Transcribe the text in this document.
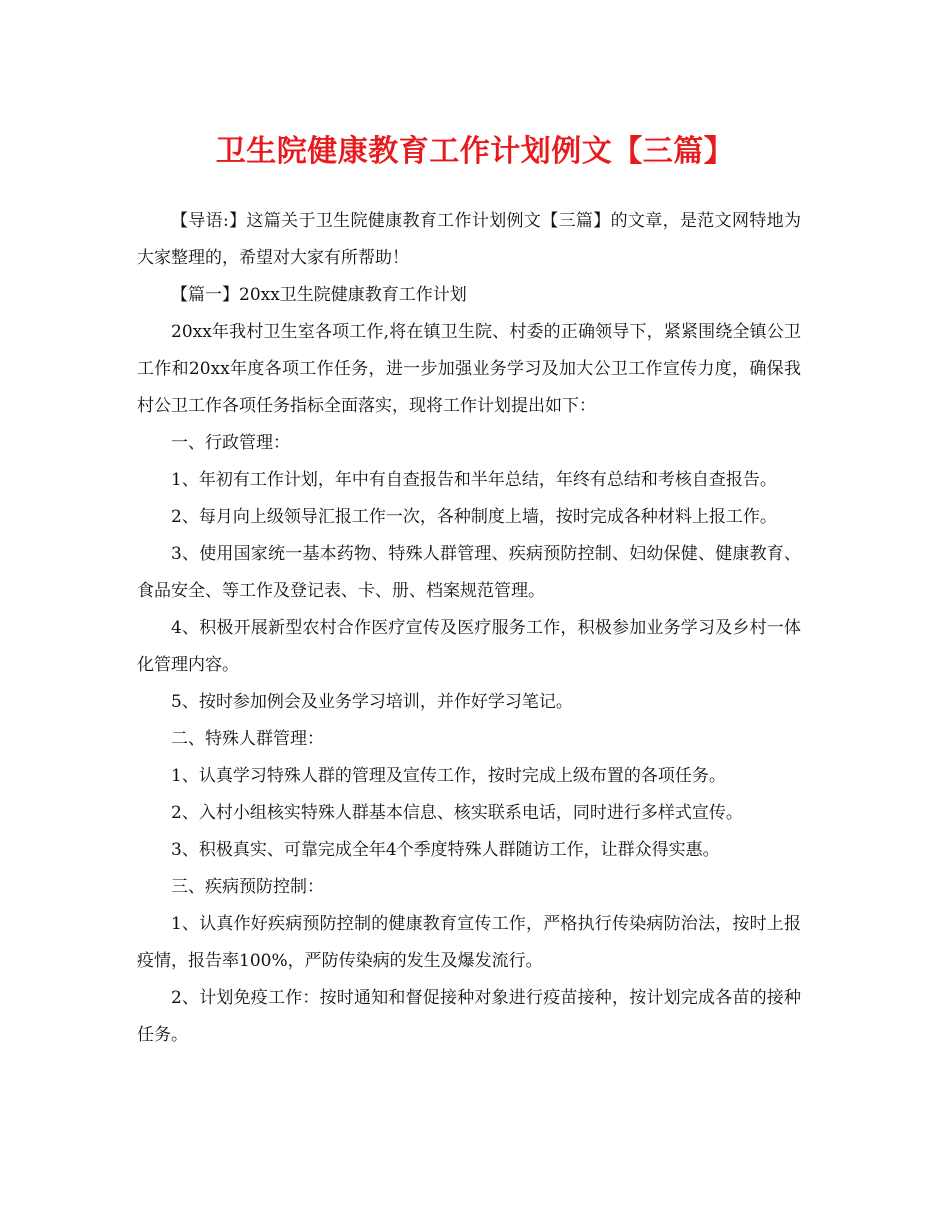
卫生院健康教育工作计划例文【三篇】

【导语:】这篇关于卫生院健康教育工作计划例文【三篇】的文章，是范文网特地为大家整理的，希望对大家有所帮助！

【篇一】20xx卫生院健康教育工作计划

20xx年我村卫生室各项工作,将在镇卫生院、村委的正确领导下，紧紧围绕全镇公卫工作和20xx年度各项工作任务，进一步加强业务学习及加大公卫工作宣传力度，确保我村公卫工作各项任务指标全面落实，现将工作计划提出如下：

一、行政管理：

1、年初有工作计划，年中有自查报告和半年总结，年终有总结和考核自查报告。

2、每月向上级领导汇报工作一次，各种制度上墙，按时完成各种材料上报工作。

3、使用国家统一基本药物、特殊人群管理、疾病预防控制、妇幼保健、健康教育、食品安全、等工作及登记表、卡、册、档案规范管理。

4、积极开展新型农村合作医疗宣传及医疗服务工作，积极参加业务学习及乡村一体化管理内容。

5、按时参加例会及业务学习培训，并作好学习笔记。

二、特殊人群管理：

1、认真学习特殊人群的管理及宣传工作，按时完成上级布置的各项任务。

2、入村小组核实特殊人群基本信息、核实联系电话，同时进行多样式宣传。

3、积极真实、可靠完成全年4个季度特殊人群随访工作，让群众得实惠。

三、疾病预防控制：

1、认真作好疾病预防控制的健康教育宣传工作，严格执行传染病防治法，按时上报疫情，报告率100%，严防传染病的发生及爆发流行。

2、计划免疫工作：按时通知和督促接种对象进行疫苗接种，按计划完成各苗的接种任务。
